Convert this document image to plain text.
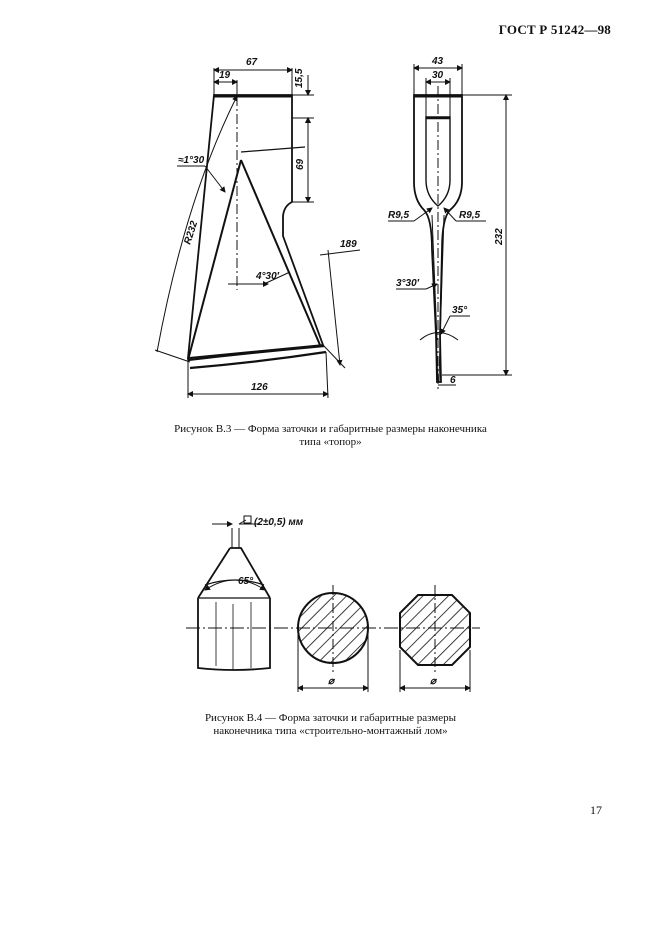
ГОСТ Р 51242—98
67
19	15,5
69
≈1°30
R232	189
4°30′
126
43
30
232
R9,5	R9,5
3°30′
35°
6
(2±0,5) мм
65°
⌀	⌀
Рисунок В.3 — Форма заточки и габаритные размеры наконечника
типа «топор»
Рисунок В.4 — Форма заточки и габаритные размеры
наконечника типа «строительно-монтажный лом»
17
